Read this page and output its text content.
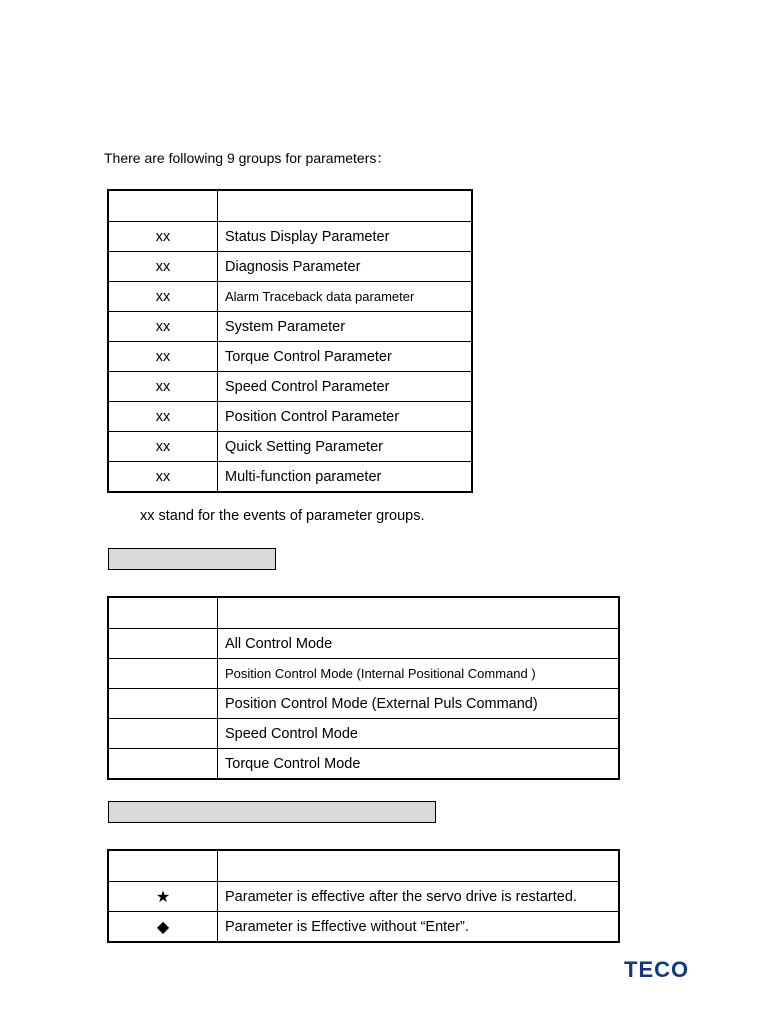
There are following 9 groups for parameters：

xx	Status Display Parameter
xx	Diagnosis Parameter
xx	Alarm Traceback data parameter
xx	System Parameter
xx	Torque Control Parameter
xx	Speed Control Parameter
xx	Position Control Parameter
xx	Quick Setting Parameter
xx	Multi-function parameter
xx stand for the events of parameter groups.

	All Control Mode
	Position Control Mode (Internal Positional Command )
	Position Control Mode (External Puls Command)
	Speed Control Mode
	Torque Control Mode

★	Parameter is effective after the servo drive is restarted.
◆	Parameter is Effective without “Enter”.
TECO
